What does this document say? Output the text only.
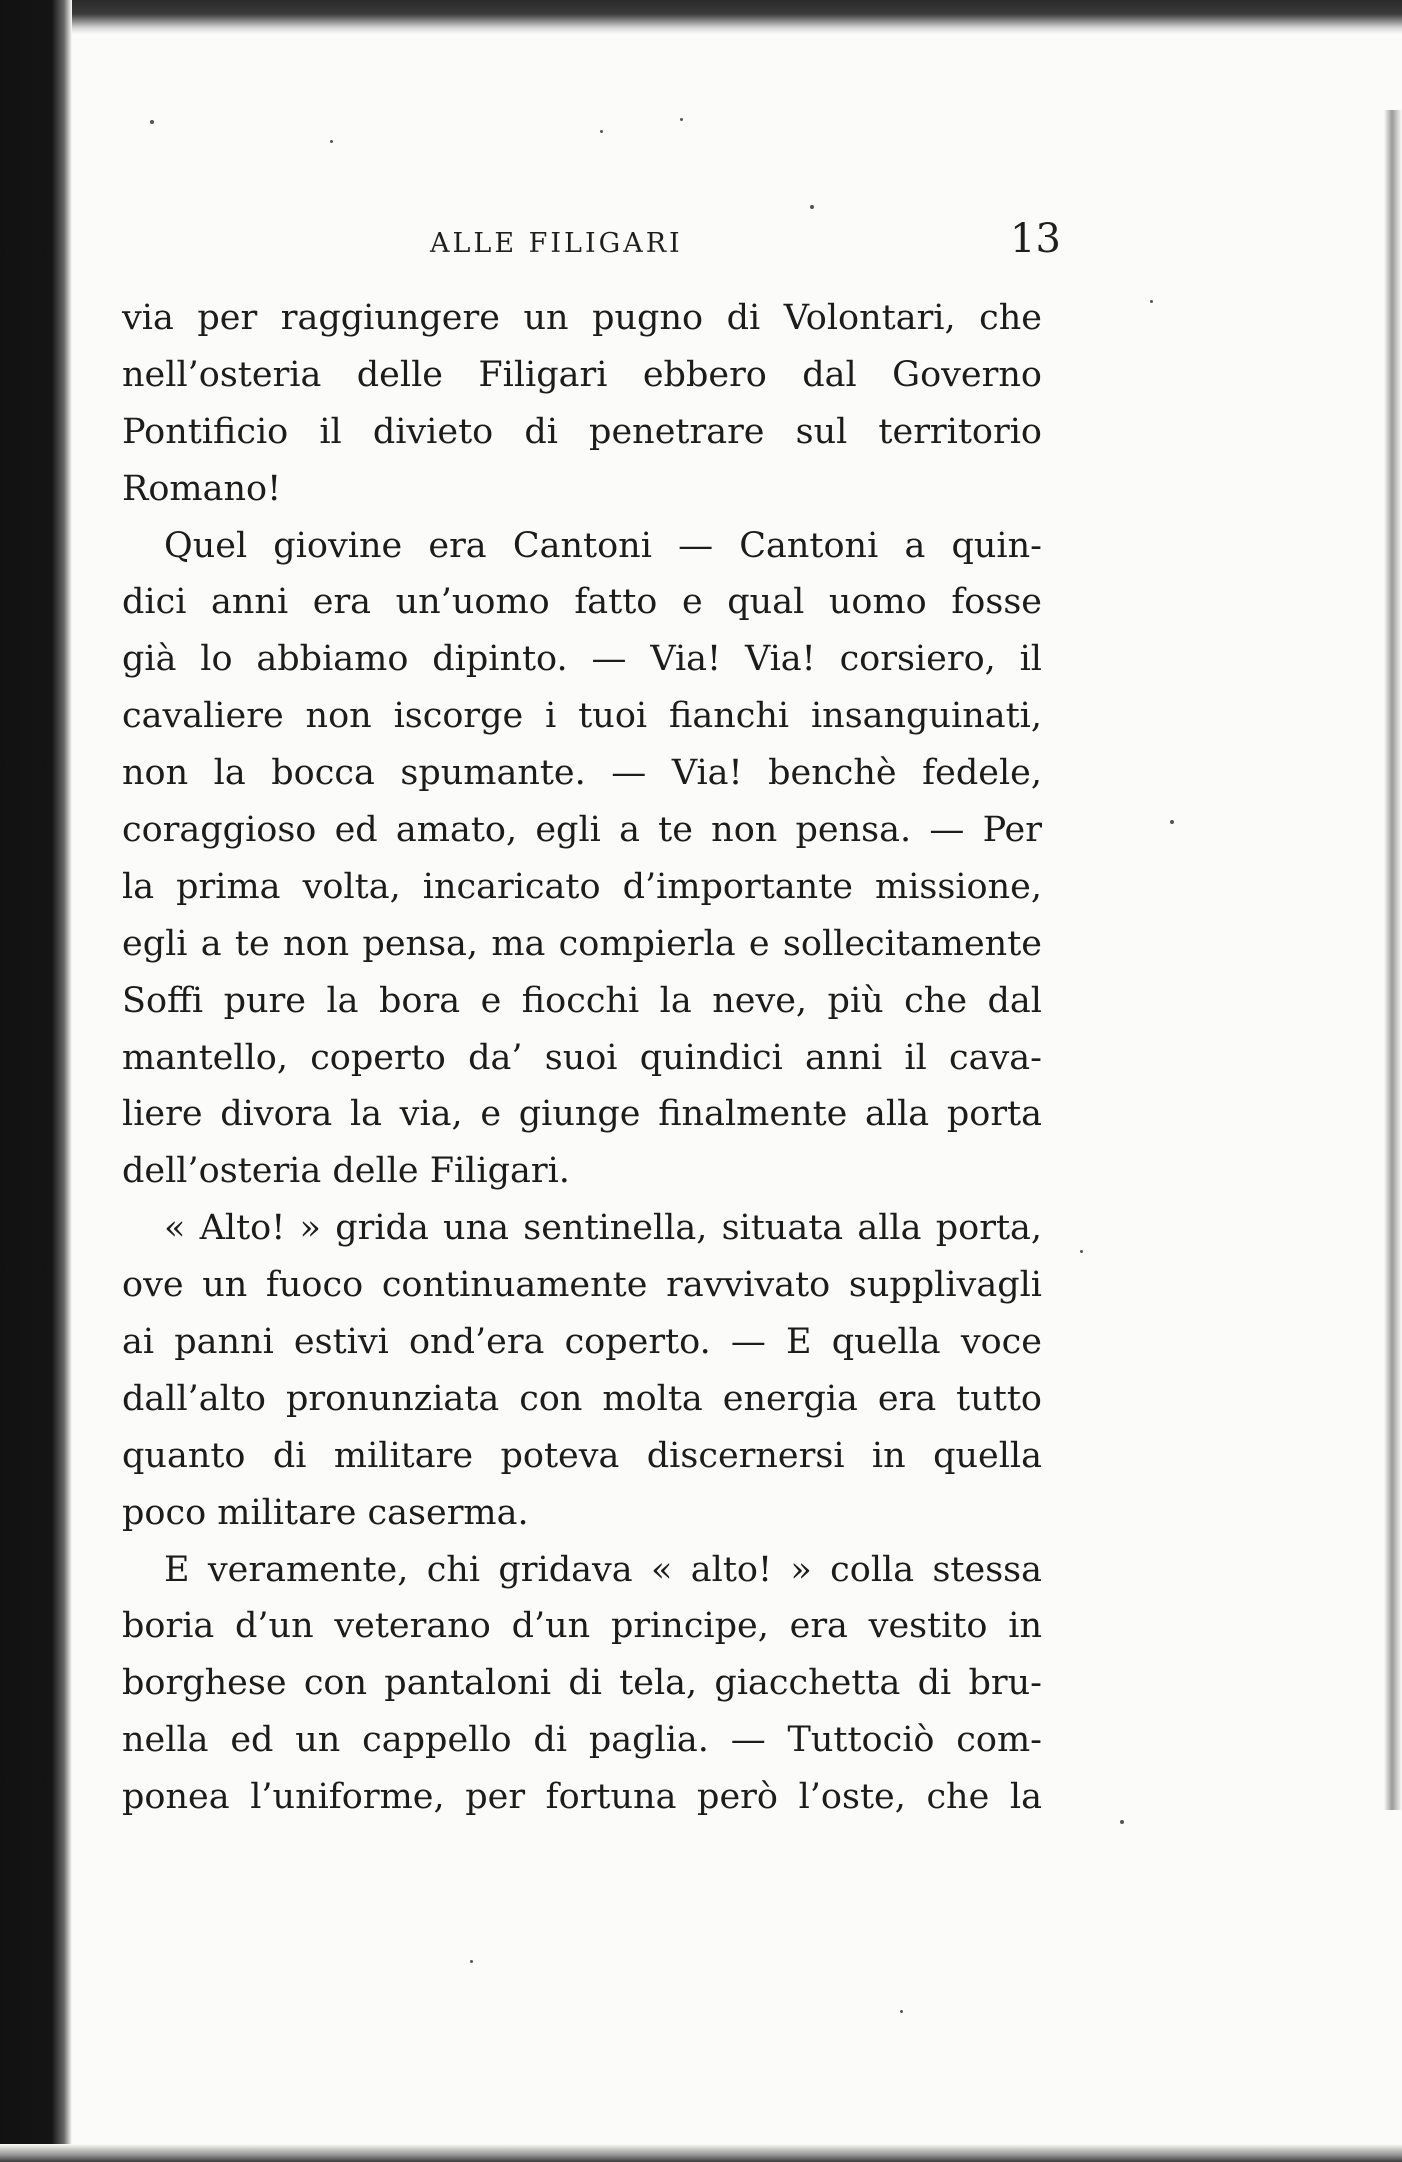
ALLE FILIGARI	13
via per raggiungere un pugno di Volontari, che
nell’osteria delle Filigari ebbero dal Governo
Pontificio il divieto di penetrare sul territorio
Romano!
Quel giovine era Cantoni — Cantoni a quin-
dici anni era un’uomo fatto e qual uomo fosse
già lo abbiamo dipinto. — Via! Via! corsiero, il
cavaliere non iscorge i tuoi fianchi insanguinati,
non la bocca spumante. — Via! benchè fedele,
coraggioso ed amato, egli a te non pensa. — Per
la prima volta, incaricato d’importante missione,
egli a te non pensa, ma compierla e sollecitamente
Soffi pure la bora e fiocchi la neve, più che dal
mantello, coperto da’ suoi quindici anni il cava-
liere divora la via, e giunge finalmente alla porta
dell’osteria delle Filigari.
« Alto! » grida una sentinella, situata alla porta,
ove un fuoco continuamente ravvivato supplivagli
ai panni estivi ond’era coperto. — E quella voce
dall’alto pronunziata con molta energia era tutto
quanto di militare poteva discernersi in quella
poco militare caserma.
E veramente, chi gridava « alto! » colla stessa
boria d’un veterano d’un principe, era vestito in
borghese con pantaloni di tela, giacchetta di bru-
nella ed un cappello di paglia. — Tuttociò com-
ponea l’uniforme, per fortuna però l’oste, che la
